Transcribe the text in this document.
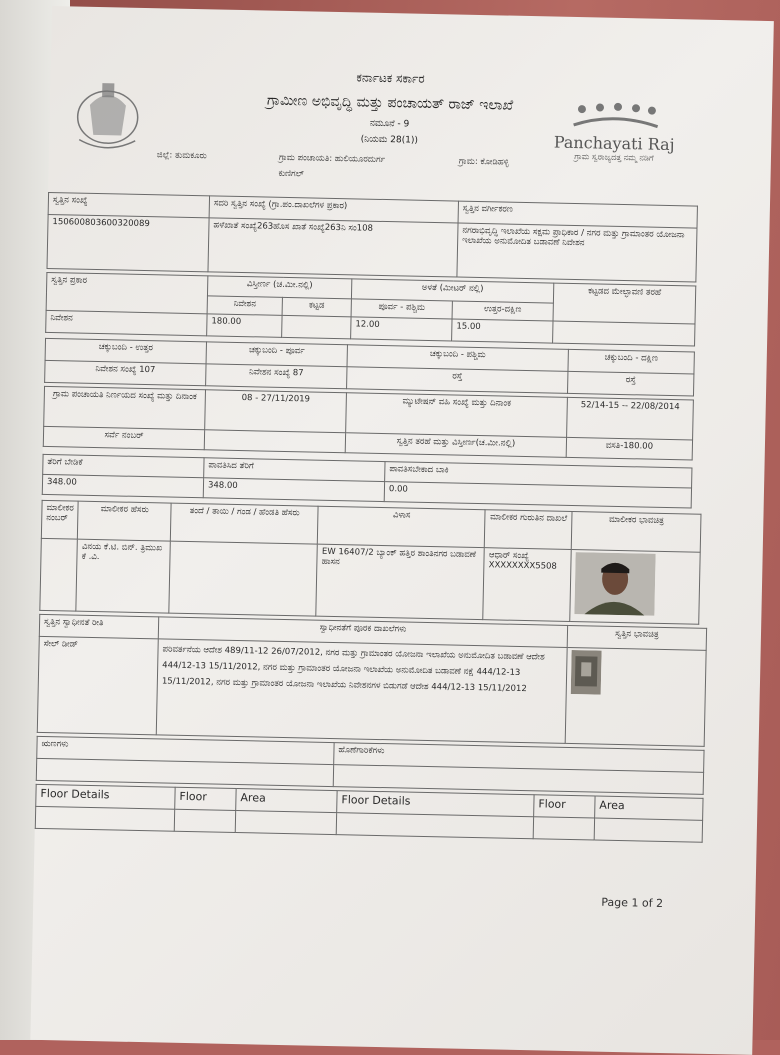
ಕರ್ನಾಟಕ ಸರ್ಕಾರ
ಗ್ರಾಮೀಣ ಅಭಿವೃದ್ಧಿ ಮತ್ತು ಪಂಚಾಯತ್ ರಾಜ್ ಇಲಾಖೆ
ನಮೂನೆ - 9
(ನಿಯಮ 28(1))	Panchayati Raj
ಗ್ರಾಮ ಸ್ವರಾಜ್ಯದತ್ತ ನಮ್ಮ ನಡಿಗೆ
ಜಿಲ್ಲೆ: ತುಮಕೂರು	ಗ್ರಾಮ ಪಂಚಾಯತಿ: ಹುಲಿಯೂರದುರ್ಗ	ಗ್ರಾಮ: ಕೋಡಿಹಳ್ಳಿ
ಕುಣಿಗಲ್
ಸ್ವತ್ತಿನ ಸಂಖ್ಯೆ	ಸದರಿ ಸ್ವತ್ತಿನ ಸಂಖ್ಯೆ (ಗ್ರಾ.ಪಂ.ದಾಖಲೆಗಳ ಪ್ರಕಾರ)	ಸ್ವತ್ತಿನ ವರ್ಗೀಕರಣ
150600803600320089	ಹಳೆಖಾತೆ ಸಂಖ್ಯೆ263ಹೊಸ ಖಾತೆ ಸಂಖ್ಯೆ263ನಿ ಸಂ108	ನಗರಾಭಿವೃದ್ಧಿ ಇಲಾಖೆಯ ಸಕ್ಷಮ ಪ್ರಾಧಿಕಾರ / ನಗರ ಮತ್ತು ಗ್ರಾಮಾಂತರ ಯೋಜನಾ ಇಲಾಖೆಯ ಅನುಮೋದಿತ ಬಡಾವಣೆ ನಿವೇಶನ
ಸ್ವತ್ತಿನ ಪ್ರಕಾರ	ವಿಸ್ತೀರ್ಣ (ಚ.ಮೀ.ನಲ್ಲಿ)		ಅಳತೆ (ಮೀಟರ್ ನಲ್ಲಿ)		ಕಟ್ಟಡದ ಮೇಲ್ಛಾವಣಿ ತರಹೆ
	ನಿವೇಶನ	ಕಟ್ಟಡ	ಪೂರ್ವ - ಪಶ್ಚಿಮ	ಉತ್ತರ-ದಕ್ಷಿಣ	
ನಿವೇಶನ	180.00		12.00	15.00	
ಚಕ್ಕುಬಂದಿ - ಉತ್ತರ	ಚಕ್ಕುಬಂದಿ - ಪೂರ್ವ	ಚಕ್ಕುಬಂದಿ - ಪಶ್ಚಿಮ	ಚಕ್ಕುಬಂದಿ - ದಕ್ಷಿಣ
ನಿವೇಶನ ಸಂಖ್ಯೆ 107	ನಿವೇಶನ ಸಂಖ್ಯೆ 87	ರಸ್ತೆ	ರಸ್ತೆ
ಗ್ರಾಮ ಪಂಚಾಯತಿ ನಿರ್ಣಯದ ಸಂಖ್ಯೆ ಮತ್ತು ದಿನಾಂಕ	08 - 27/11/2019	ಮ್ಯುಟೇಷನ್ ವಹಿ ಸಂಖ್ಯೆ ಮತ್ತು ದಿನಾಂಕ	52/14-15 -- 22/08/2014
ಸರ್ವೆ ನಂಬರ್		ಸ್ವತ್ತಿನ ತರಹೆ ಮತ್ತು ವಿಸ್ತೀರ್ಣ(ಚ.ಮೀ.ನಲ್ಲಿ)	ವಸತಿ-180.00
ತೆರಿಗೆ ಬೇಡಿಕೆ	ಪಾವತಿಸಿದ ತೆರಿಗೆ	ಪಾವತಿಸಬೇಕಾದ ಬಾಕಿ
348.00	348.00	0.00
ಮಾಲೀಕರ ನಂಬರ್	ಮಾಲೀಕರ ಹೆಸರು	ತಂದೆ / ತಾಯಿ / ಗಂಡ / ಹೆಂಡತಿ ಹೆಸರು	ವಿಳಾಸ	ಮಾಲೀಕರ ಗುರುತಿನ ದಾಖಲೆ	ಮಾಲೀಕರ ಭಾವಚಿತ್ರ
	ವಿನಯ ಕೆ.ಟಿ. ಬಿನ್. ತ್ರಿಮುಖ ಕೆ .ವಿ.		EW 16407/2 ಬ್ಯಾಂಕ್ ಹತ್ತಿರ ಶಾಂತಿನಗರ ಬಡಾವಣೆ ಹಾಸನ	ಆಧಾರ್ ಸಂಖ್ಯೆ XXXXXXXX5508	
ಸ್ವತ್ತಿನ ಸ್ವಾಧೀನತೆ ರೀತಿ	ಸ್ವಾಧೀನತೆಗೆ ಪೂರಕ ದಾಖಲೆಗಳು	ಸ್ವತ್ತಿನ ಭಾವಚಿತ್ರ
ಸೇಲ್ ಡೀಡ್	ಪರಿವರ್ತನೆಯ ಆದೇಶ 489/11-12 26/07/2012, ನಗರ ಮತ್ತು ಗ್ರಾಮಾಂತರ ಯೋಜನಾ ಇಲಾಖೆಯ ಅನುಮೋದಿತ ಬಡಾವಣೆ ಆದೇಶ 444/12-13 15/11/2012, ನಗರ ಮತ್ತು ಗ್ರಾಮಾಂತರ ಯೋಜನಾ ಇಲಾಖೆಯ ಅನುಮೋದಿತ ಬಡಾವಣೆ ನಕ್ಷೆ 444/12-13 15/11/2012, ನಗರ ಮತ್ತು ಗ್ರಾಮಾಂತರ ಯೋಜನಾ ಇಲಾಖೆಯ ನಿವೇಶನಗಳ ಬಿಡುಗಡೆ ಆದೇಶ 444/12-13 15/11/2012	
ಋಣಗಳು	ಹೊಣೆಗಾರಿಕೆಗಳು

Floor Details	Floor	Area	Floor Details	Floor	Area

Page 1 of 2
